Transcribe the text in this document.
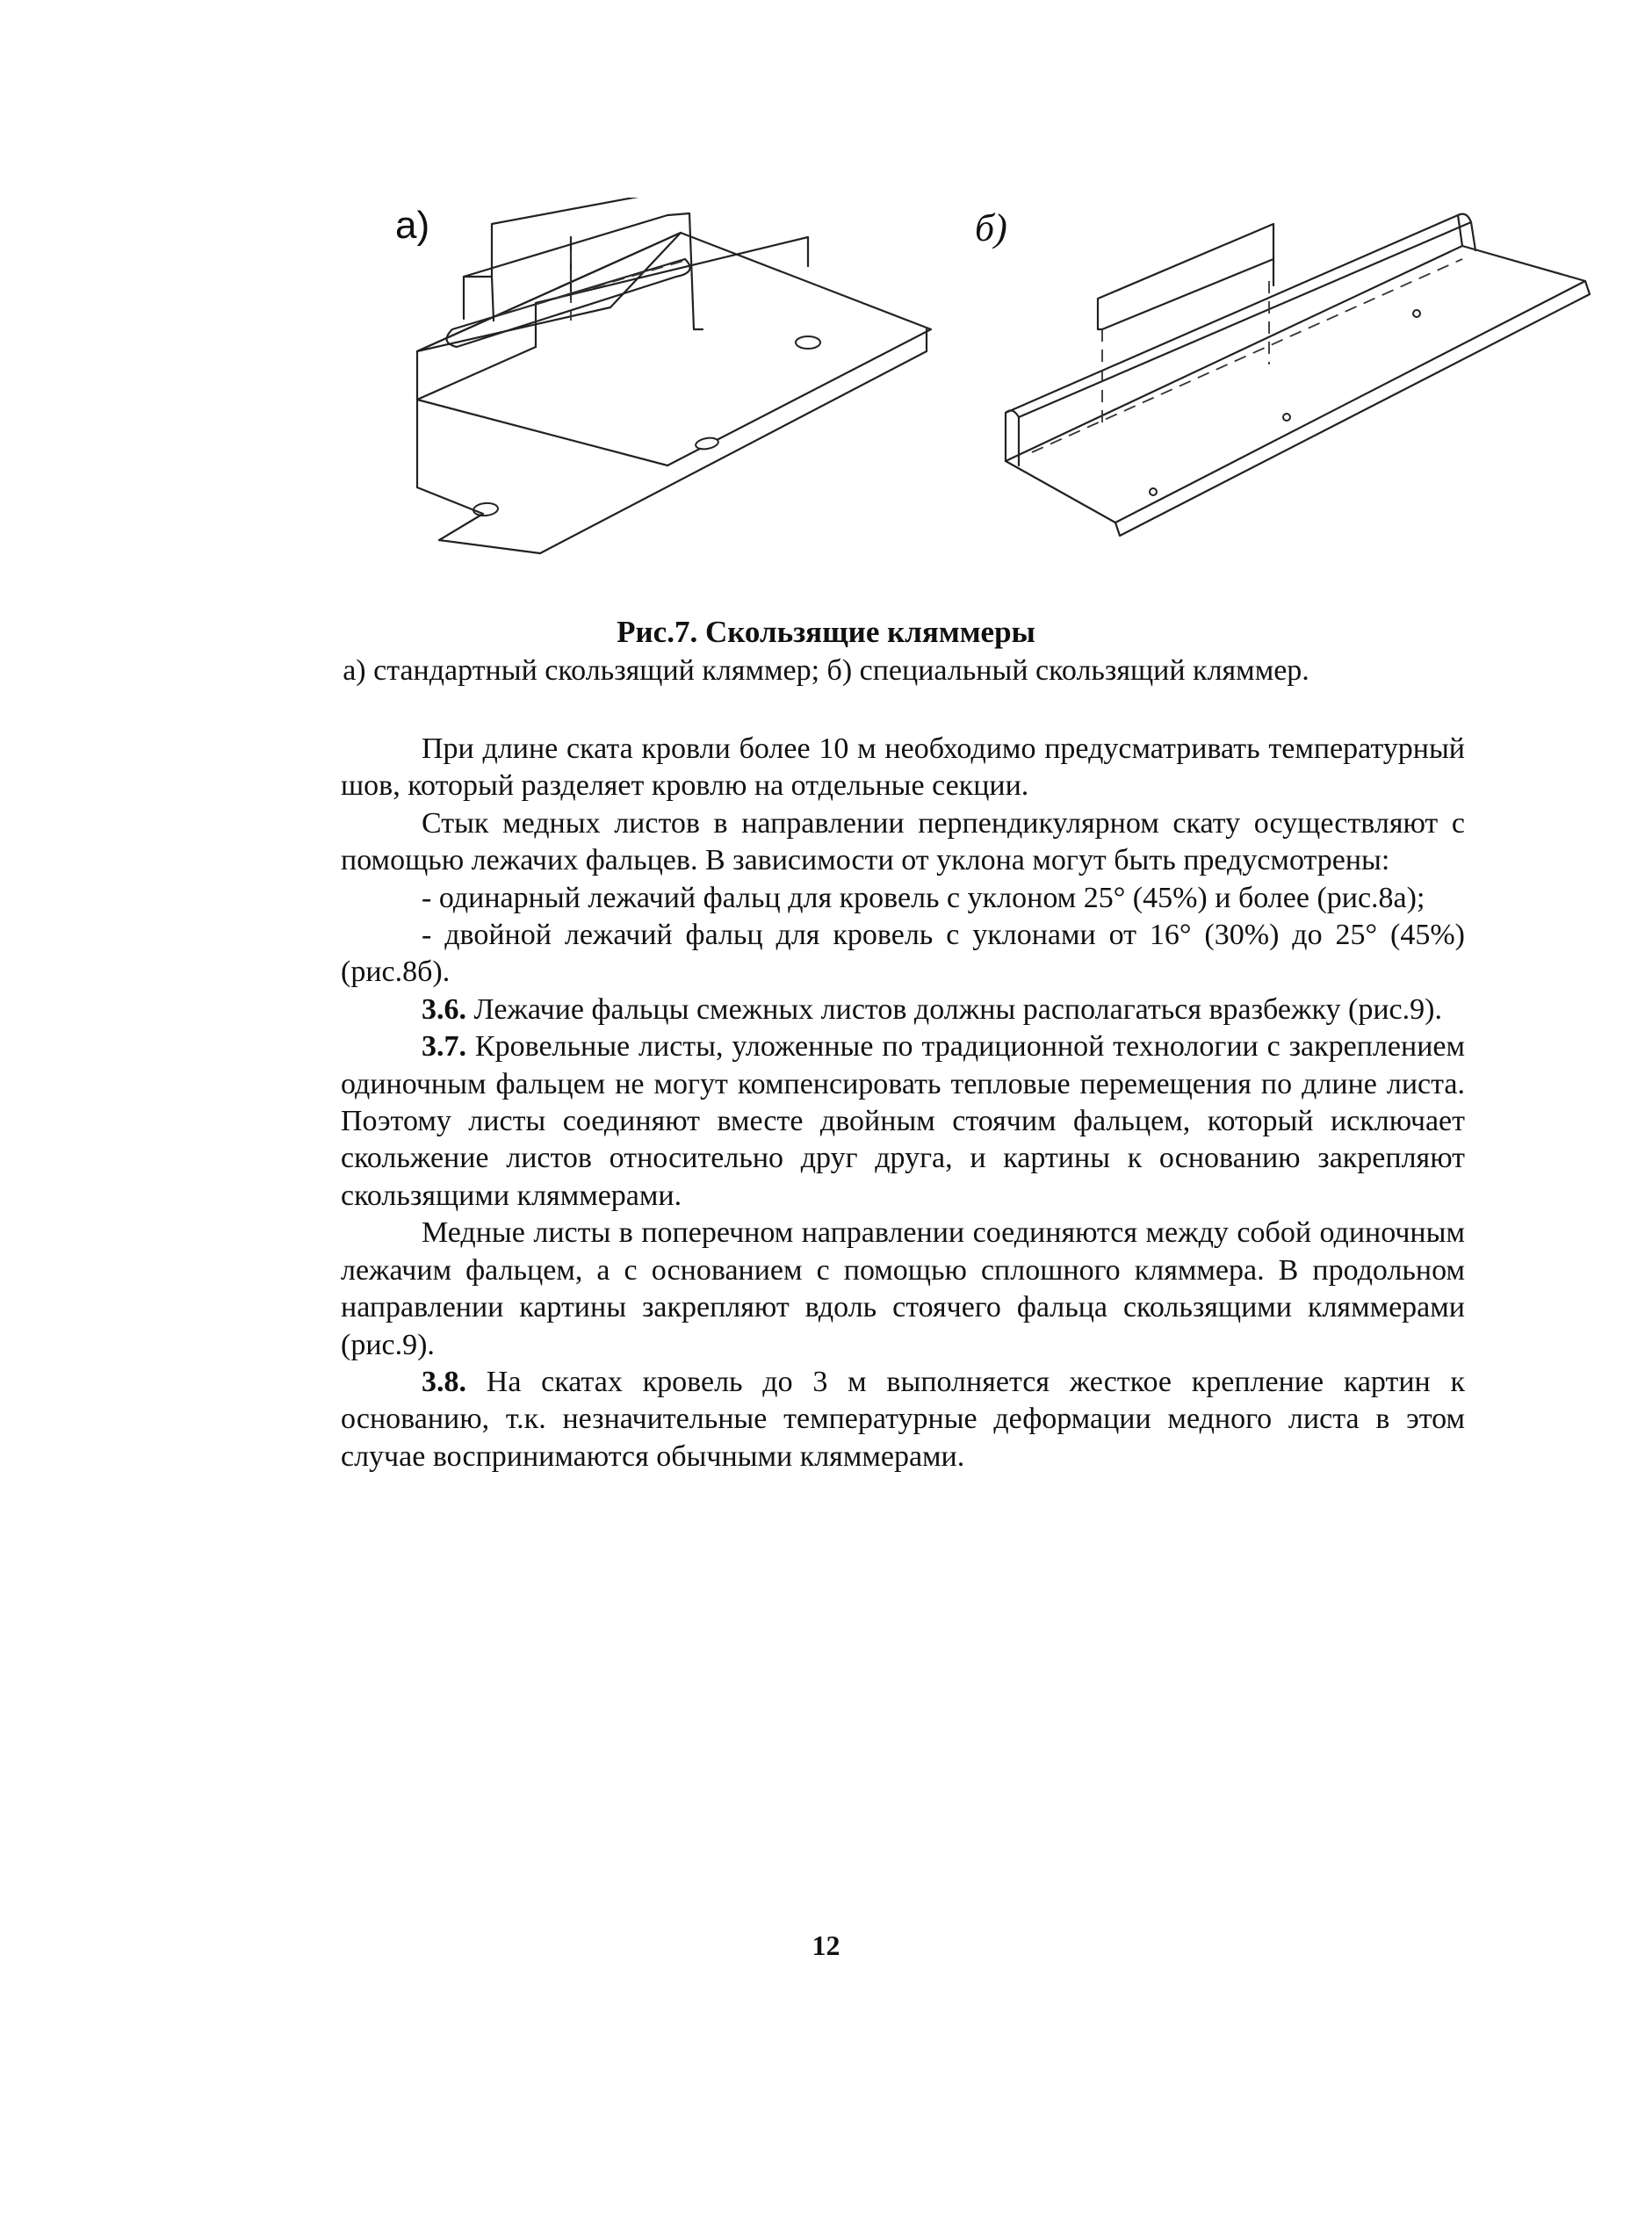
а)	б)
Рис.7. Скользящие кляммеры
а) стандартный скользящий кляммер; б) специальный скользящий кляммер.

При длине ската кровли более 10 м необходимо предусматривать температурный шов, который разделяет кровлю на отдельные секции.

Стык медных листов в направлении перпендикулярном скату осуществляют с помощью лежачих фальцев. В зависимости от уклона могут быть предусмотрены:

- одинарный лежачий фальц для кровель с уклоном 25° (45%) и более (рис.8а);

- двойной лежачий фальц для кровель с уклонами от 16° (30%) до 25° (45%) (рис.8б).

3.6. Лежачие фальцы смежных листов должны располагаться вразбежку (рис.9).

3.7. Кровельные листы, уложенные по традиционной технологии с закреплением одиночным фальцем не могут компенсировать тепловые перемещения по длине листа. Поэтому листы соединяют вместе двойным стоячим фальцем, который исключает скольжение листов относительно друг друга, и картины к основанию закрепляют скользящими кляммерами.

Медные листы в поперечном направлении соединяются между собой одиночным лежачим фальцем, а с основанием с помощью сплошного кляммера. В продольном направлении картины закрепляют вдоль стоячего фальца скользящими кляммерами (рис.9).

3.8. На скатах кровель до 3 м выполняется жесткое крепление картин к основанию, т.к. незначительные температурные деформации медного листа в этом случае воспринимаются обычными кляммерами.

12
